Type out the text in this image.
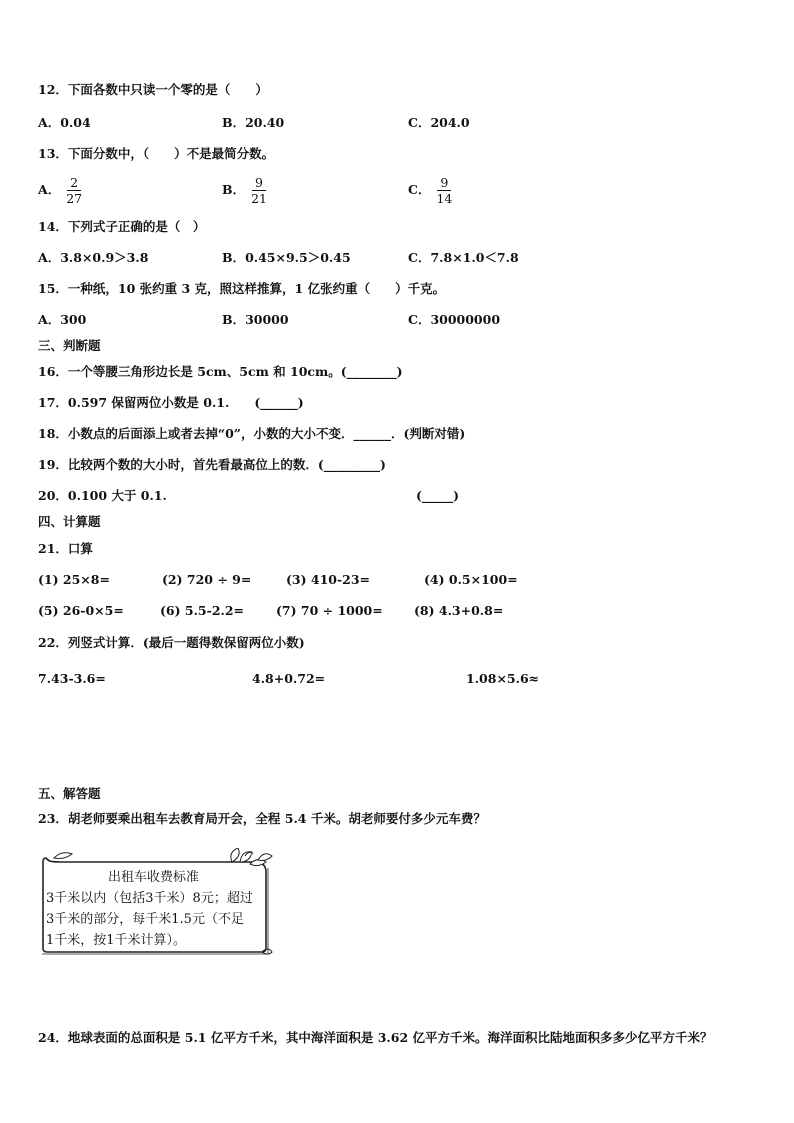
12．下面各数中只读一个零的是（　　）
A．0.04	B．20.40	C．204.0
13．下面分数中，（　　）不是最简分数。
A． $\frac{2}{27}$	B． $\frac{9}{21}$	C． $\frac{9}{14}$
14．下列式子正确的是（　）
A．3.8×0.9＞3.8	B．0.45×9.5＞0.45	C．7.8×1.0＜7.8
15．一种纸，10 张约重 3 克，照这样推算，1 亿张约重（　　）千克。
A．300	B．30000	C．30000000
三、判断题
16．一个等腰三角形边长是 5cm、5cm 和 10cm。(________)
17．0.597 保留两位小数是 0.1.　　(______)
18．小数点的后面添上或者去掉“0”，小数的大小不变．______．(判断对错)
19．比较两个数的大小时，首先看最高位上的数．(_________)
20．0.100 大于 0.1.	(_____)
四、计算题
21．口算
(1) 25×8=	(2) 720 ÷ 9=	(3) 410-23=	(4) 0.5×100=
(5) 26-0×5=	(6) 5.5-2.2=	(7) 70 ÷ 1000=	(8) 4.3+0.8=
22．列竖式计算．(最后一题得数保留两位小数)
7.43-3.6=	4.8+0.72=	1.08×5.6≈
五、解答题
23．胡老师要乘出租车去教育局开会，全程 5.4 千米。胡老师要付多少元车费？
出租车收费标准
3千米以内（包括3千米）8元；超过
3千米的部分，每千米1.5元（不足
1千米，按1千米计算）。
24．地球表面的总面积是 5.1 亿平方千米，其中海洋面积是 3.62 亿平方千米。海洋面积比陆地面积多多少亿平方千米？
